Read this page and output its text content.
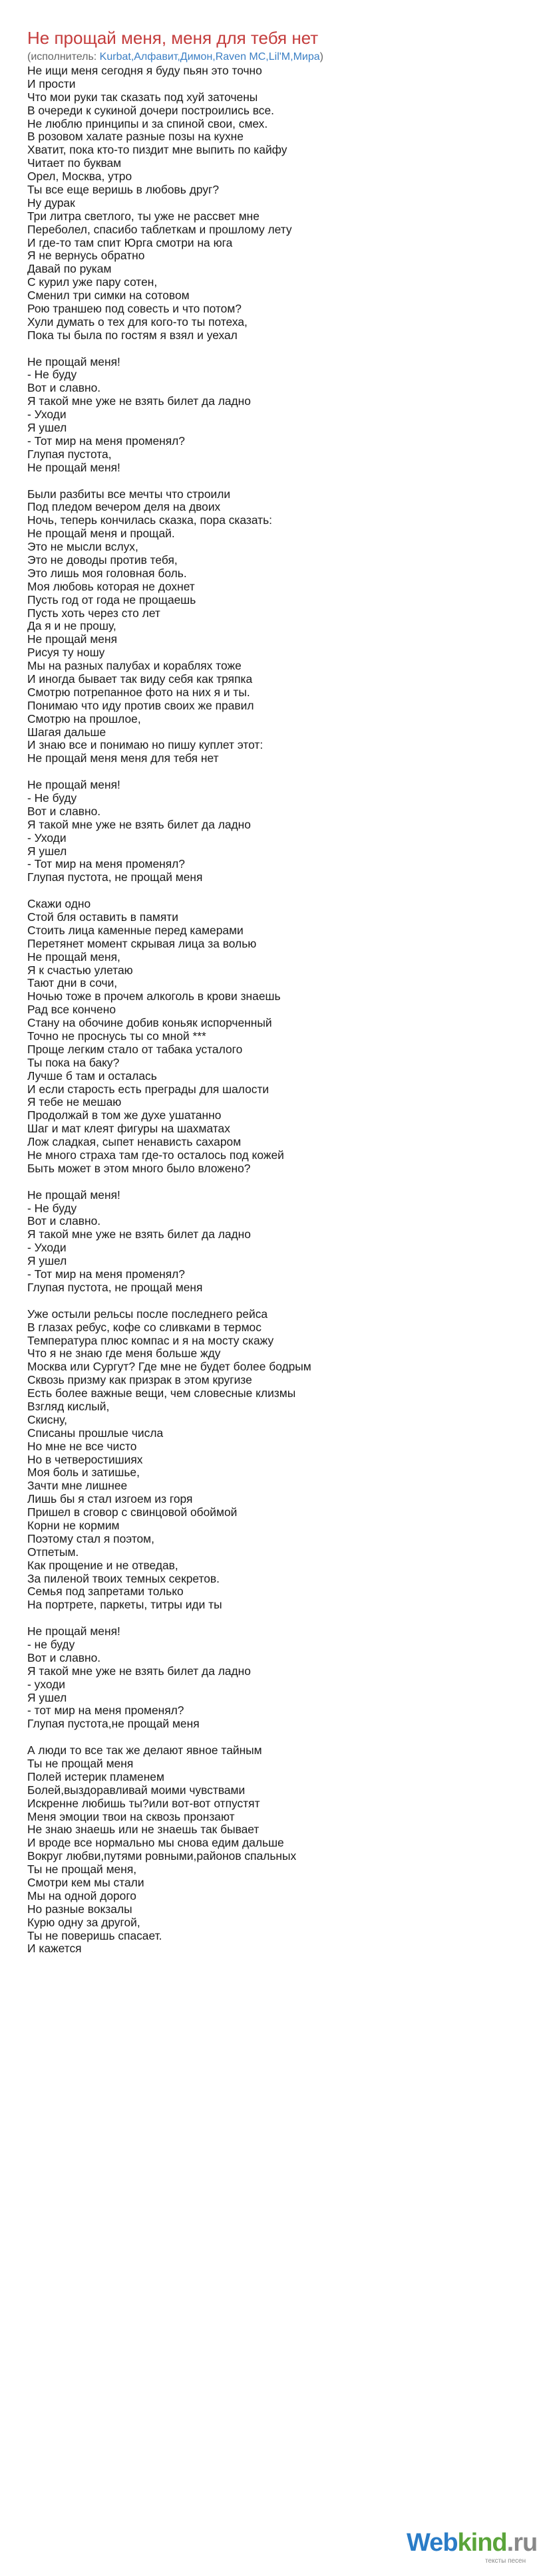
Не прощай меня, меня для тебя нет
(исполнитель: Kurbat,Алфавит,Димон,Raven MC,Lil'M,Мира)
Не ищи меня сегодня я буду пьян это точно
И прости
Что мои руки так сказать под хуй заточены
В очереди к сукиной дочери построились все.
Не люблю принципы и за спиной свои, смех.
В розовом халате разные позы на кухне
Хватит, пока кто-то пиздит мне выпить по кайфу
Читает по буквам
Орел, Москва, утро
Ты все еще веришь в любовь друг?
Ну дурак
Три литра светлого, ты уже не рассвет мне
Переболел, спасибо таблеткам и прошлому лету
И где-то там спит Юрга смотри на юга
Я не вернусь обратно
Давай по рукам
С курил уже пару сотен,
Сменил три симки на сотовом
Рою траншею под совесть и что потом?
Хули думать о тех для кого-то ты потеха,
Пока ты была по гостям я взял и уехал
Не прощай меня!
- Не буду
Вот и славно.
Я такой мне уже не взять билет да ладно
- Уходи
Я ушел
- Тот мир на меня променял?
Глупая пустота,
Не прощай меня!
Были разбиты все мечты что строили
Под пледом вечером деля на двоих
Ночь, теперь кончилась сказка, пора сказать:
Не прощай меня и прощай.
Это не мысли вслух,
Это не доводы против тебя,
Это лишь моя головная боль.
Моя любовь которая не дохнет
Пусть год от года не прощаешь
Пусть хоть через сто лет
Да я и не прошу,
Не прощай меня
Рисуя ту ношу
Мы на разных палубах и кораблях тоже
И иногда бывает так виду себя как тряпка
Смотрю потрепанное фото на них я и ты.
Понимаю что иду против своих же правил
Смотрю на прошлое,
Шагая дальше
И знаю все и понимаю но пишу куплет этот:
Не прощай меня меня для тебя нет
Не прощай меня!
- Не буду
Вот и славно.
Я такой мне уже не взять билет да ладно
- Уходи
Я ушел
- Тот мир на меня променял?
Глупая пустота, не прощай меня
Скажи одно
Стой бля оставить в памяти
Стоить лица каменные перед камерами
Перетянет момент скрывая лица за волью
Не прощай меня,
Я к счастью улетаю
Тают дни в сочи,
Ночью тоже в прочем алкоголь в крови знаешь
Рад все кончено
Стану на обочине добив коньяк испорченный
Точно не проснусь ты со мной ***
Проще легким стало от табака усталого
Ты пока на баку?
Лучше б там и осталась
И если старость есть преграды для шалости
Я тебе не мешаю
Продолжай в том же духе ушатанно
Шаг и мат клеят фигуры на шахматах
Лож сладкая, сыпет ненависть сахаром
Не много страха там где-то осталось под кожей
Быть может в этом много было вложено?
Не прощай меня!
- Не буду
Вот и славно.
Я такой мне уже не взять билет да ладно
- Уходи
Я ушел
- Тот мир на меня променял?
Глупая пустота, не прощай меня
Уже остыли рельсы после последнего рейса
В глазах ребус, кофе со сливками в термос
Температура плюс компас и я на мосту скажу
Что я не знаю где меня больше жду
Москва или Сургут? Где мне не будет более бодрым
Сквозь призму как призрак в этом кругизе
Есть более важные вещи, чем словесные клизмы
Взгляд кислый,
Скисну,
Списаны прошлые числа
Но мне не все чисто
Но в четверостишиях
Моя боль и затишье,
Зачти мне лишнее
Лишь бы я стал изгоем из горя
Пришел в сговор с свинцовой обоймой
Корни не кормим
Поэтому стал я поэтом,
Отпетым.
Как прощение и не отведав,
За пиленой твоих темных секретов.
Семья под запретами только
На портрете, паркеты, титры иди ты
Не прощай меня!
- не буду
Вот и славно.
Я такой мне уже не взять билет да ладно
- уходи
Я ушел
- тот мир на меня променял?
Глупая пустота,не прощай меня
А люди то все так же делают явное тайным
Ты не прощай меня
Полей истерик пламенем
Болей,выздоравливай моими чувствами
Искренне любишь ты?или вот-вот отпустят
Меня эмоции твои на сквозь пронзают
Не знаю знаешь или не знаешь так бывает
И вроде все нормально мы снова едим дальше
Вокруг любви,путями ровными,районов спальных
Ты не прощай меня,
Смотри кем мы стали
Мы на одной дорого
Но разные вокзалы
Курю одну за другой,
Ты не поверишь спасает.
И кажется
Webkind.ru
тексты песен
